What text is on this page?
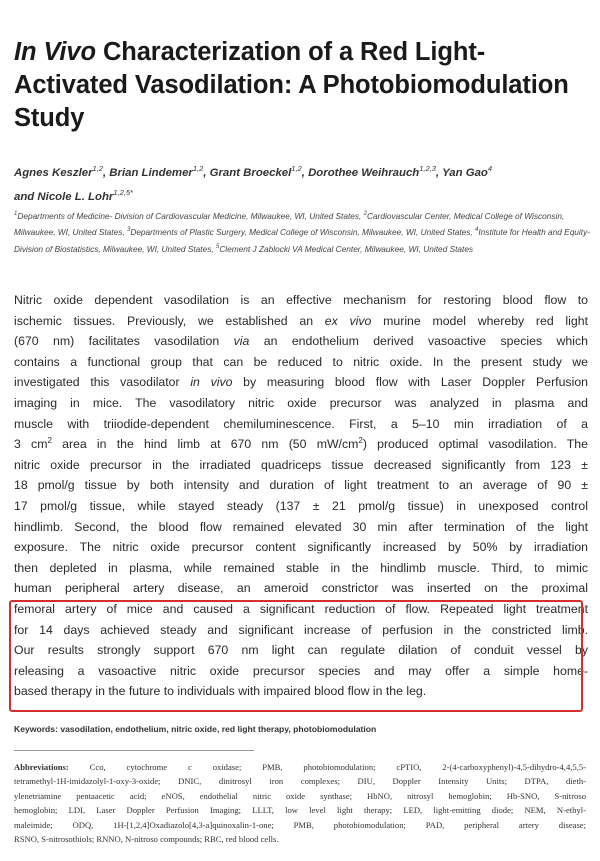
In Vivo Characterization of a Red Light-Activated Vasodilation: A Photobiomodulation Study

Agnes Keszler$^{1,2}$, Brian Lindemer$^{1,2}$, Grant Broeckel$^{1,2}$, Dorothee Weihrauch$^{1,2,3}$, Yan Gao$^4$
and Nicole L. Lohr$^{1,2,5*}$

$^1$Departments of Medicine- Division of Cardiovascular Medicine, Milwaukee, WI, United States, $^2$Cardiovascular Center, Medical College of Wisconsin, Milwaukee, WI, United States, $^3$Departments of Plastic Surgery, Medical College of Wisconsin, Milwaukee, WI, United States, $^4$Institute for Health and Equity- Division of Biostatistics, Milwaukee, WI, United States, $^5$Clement J Zablocki VA Medical Center, Milwaukee, WI, United States

Nitric oxide dependent vasodilation is an effective mechanism for restoring blood flow to
ischemic tissues. Previously, we established an ex vivo murine model whereby red light
(670 nm) facilitates vasodilation via an endothelium derived vasoactive species which
contains a functional group that can be reduced to nitric oxide. In the present study we
investigated this vasodilator in vivo by measuring blood flow with Laser Doppler Perfusion
imaging in mice. The vasodilatory nitric oxide precursor was analyzed in plasma and
muscle with triiodide-dependent chemiluminescence. First, a 5–10 min irradiation of a
3 $cm^2$ area in the hind limb at 670 nm (50 $mW/cm^2$) produced optimal vasodilation. The
nitric oxide precursor in the irradiated quadriceps tissue decreased significantly from 123 ±
18 pmol/g tissue by both intensity and duration of light treatment to an average of 90 ±
17 pmol/g tissue, while stayed steady (137 ± 21 pmol/g tissue) in unexposed control
hindlimb. Second, the blood flow remained elevated 30 min after termination of the light
exposure. The nitric oxide precursor content significantly increased by 50% by irradiation
then depleted in plasma, while remained stable in the hindlimb muscle. Third, to mimic
human peripheral artery disease, an ameroid constrictor was inserted on the proximal
femoral artery of mice and caused a significant reduction of flow. Repeated light treatment
for 14 days achieved steady and significant increase of perfusion in the constricted limb.
Our results strongly support 670 nm light can regulate dilation of conduit vessel by
releasing a vasoactive nitric oxide precursor species and may offer a simple home-
based therapy in the future to individuals with impaired blood flow in the leg.

Keywords: vasodilation, endothelium, nitric oxide, red light therapy, photobiomodulation

Abbreviations: Cco, cytochrome c oxidase; PMB, photobiomodulation; cPTIO, 2-(4-carboxyphenyl)-4,5-dihydro-4,4,5,5-
tetramethyl-1H-imidazolyl-1-oxy-3-oxide; DNIC, dinitrosyl iron complexes; DIU, Doppler Intensity Units; DTPA, dieth-
ylenetriamine pentaacetic acid; eNOS, endothelial nitric oxide synthase; HbNO, nitrosyl hemoglobin; Hb-SNO, S-nitroso
hemoglobin; LDI, Laser Doppler Perfusion Imaging; LLLT, low level light therapy; LED, light-emitting diode; NEM, N-ethyl-
maleimide; ODQ, 1H-[1,2,4]Oxadiazolo[4,3-a]quinoxalin-1-one; PMB, photobiomodulation; PAD, peripheral artery disease;
RSNO, S-nitrosothiols; RNNO, N-nitroso compounds; RBC, red blood cells.
